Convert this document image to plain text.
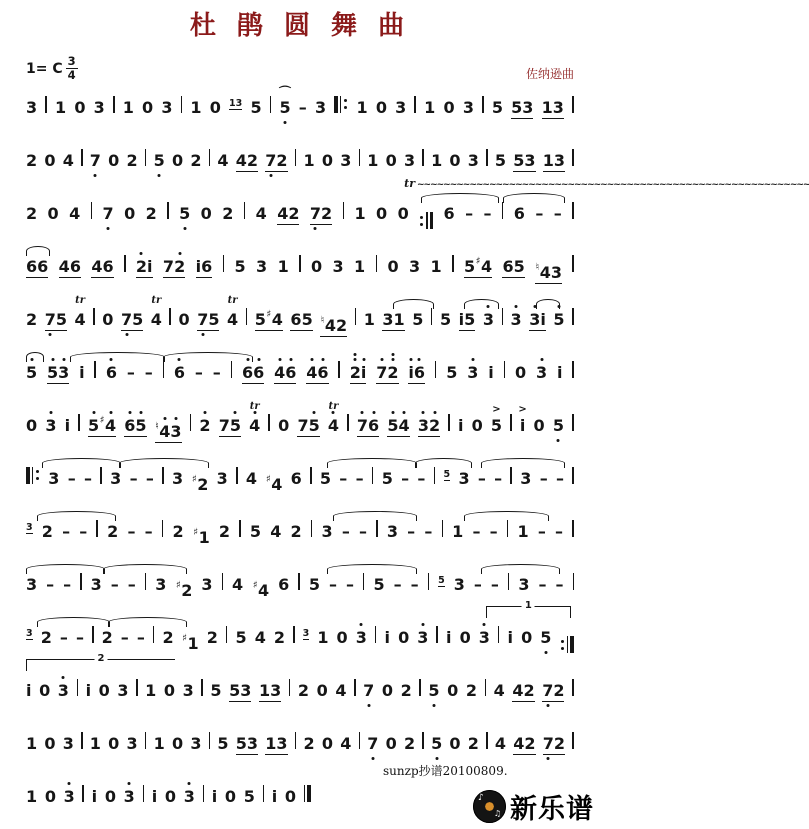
杜 鹃 圆 舞 曲
1= C $\frac{3}{4}$	佐纳逊曲
3 1 0 3 1 0 3 1 0 13 5 5
⌒
– 3 1 0 3 1 0 3 5 5 3 1 3
2 0 4 7 0 2 5 0 2 4 4 2 7 2 1 0 3 1 0 3 1 0 3 5 5 3 1 3
tr ~~~~~~~~~~~~~~~~~~~~~~~~~~~~~~~~~~~~~~~~~~~~~~~~~~~~~~~~~~~~
2 0 4 7 0 2 5 0 2 4 4 2 7 2 1 0 0 6 – – 6 – –
6 6 4 6 4 6 2 i 7 2 i 6 5 3 1 0 3 1 0 3 1 5 ♯ 4 6 5 ♮ 4 3
2 7 5 4
tr
0 7 5 4
tr
0 7 5 4
tr
5 ♯ 4 6 5 ♮ 4 2 1 3 1 5 5 i 5 3 3 3 i 5
5 5 3 i 6 – – 6 – – 6 6 4 6 4 6 2 i 7 2 i 6 5 3 i 0 3 i
0 3 i 5 ♯ 4 6 5 ♮ 4 3 2 7 5 4
tr
0 7 5 4
tr
7 6 5 4 3 2 i 0 5
>
i
>
0 5
3 – – 3 – – 3 ♯ 2 3 4 ♯ 4 6 5 – – 5 – – 5 3 – – 3 – –
3 2 – – 2 – – 2 ♯ 1 2 5 4 2 3 – – 3 – – 1 – – 1 – –
3 – – 3 – – 3 ♯ 2 3 4 ♯ 4 6 5 – – 5 – – 5 3 – – 3 – –
1
3 2 – – 2 – – 2 ♯ 1 2 5 4 2 3 1 0 3 i 0 3 i 0 3 i 0 5
2
i 0 3 i 0 3 1 0 3 5 5 3 1 3 2 0 4 7 0 2 5 0 2 4 4 2 7 2
1 0 3 1 0 3 1 0 3 5 5 3 1 3 2 0 4 7 0 2 5 0 2 4 4 2 7 2
1 0 3 i 0 3 i 0 3 i 0 5 i 0
sunzp抄谱20100809.
♪
♫ 新乐谱
